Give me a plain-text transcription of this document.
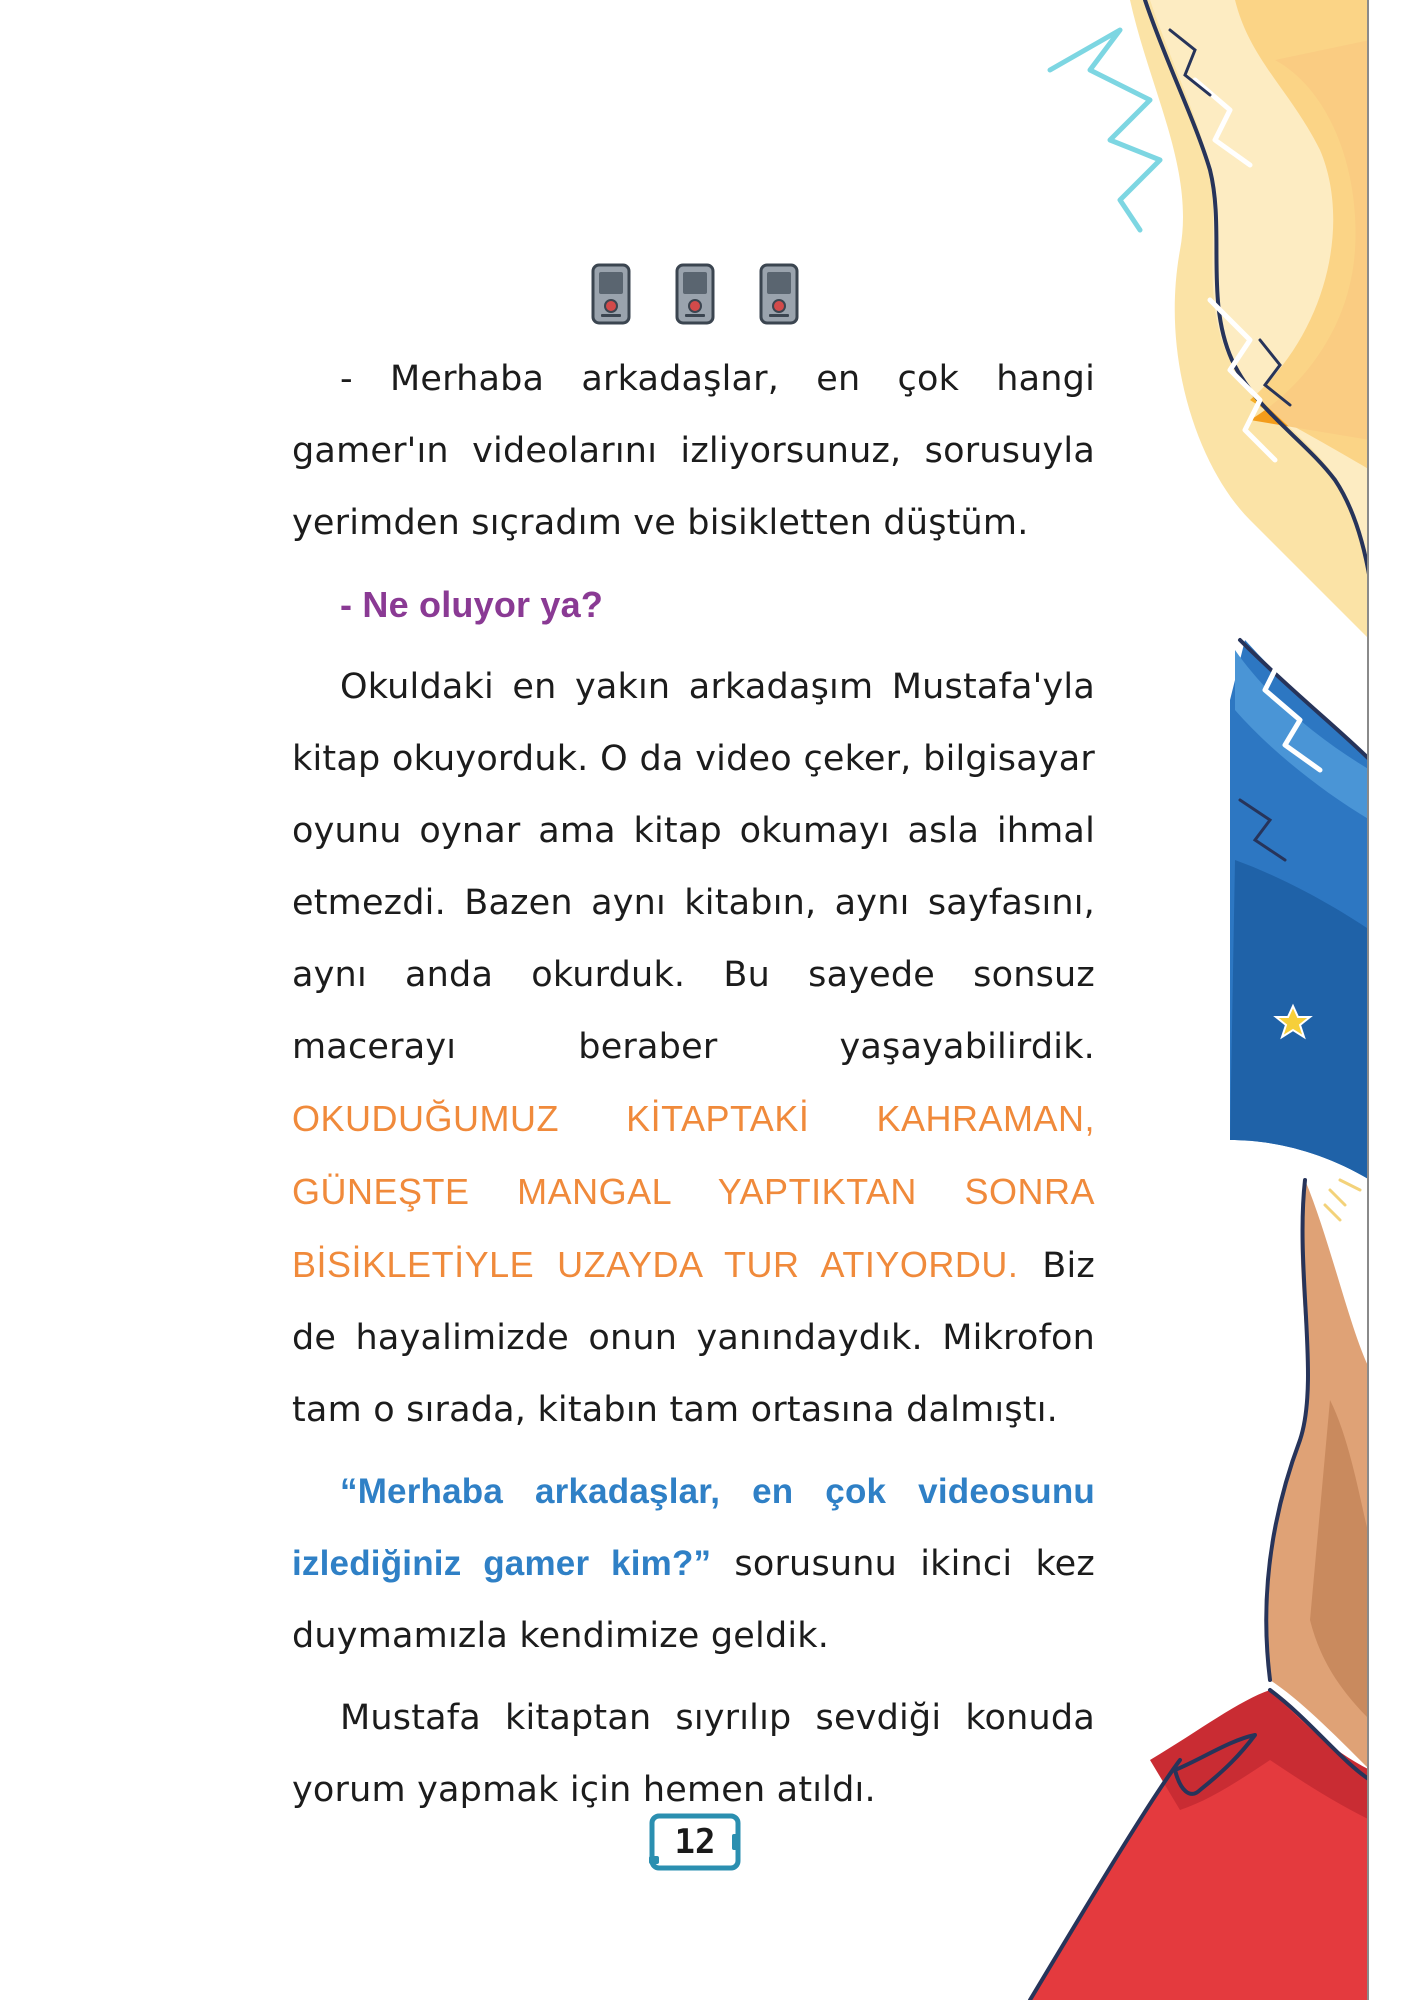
- Merhaba arkadaşlar, en çok hangi gamer'ın videolarını izliyorsunuz, sorusuyla yerimden sıçradım ve bisikletten düştüm.

- Ne oluyor ya?

Okuldaki en yakın arkadaşım Mustafa'yla kitap okuyorduk. O da video çeker, bilgisayar oyunu oynar ama kitap okumayı asla ihmal etmezdi. Bazen aynı kitabın, aynı sayfasını, aynı anda okurduk. Bu sayede sonsuz macerayı beraber yaşayabilirdik. OKUDUĞUMUZ KİTAPTAKİ KAHRAMAN, GÜNEŞTE MANGAL YAPTIKTAN SONRA BİSİKLETİYLE UZAYDA TUR ATIYORDU. Biz de hayalimizde onun yanındaydık. Mikrofon tam o sırada, kitabın tam ortasına dalmıştı.

“Merhaba arkadaşlar, en çok videosunu izlediğiniz gamer kim?” sorusunu ikinci kez duymamızla kendimize geldik.

Mustafa kitaptan sıyrılıp sevdiği konuda yorum yapmak için hemen atıldı.

12
